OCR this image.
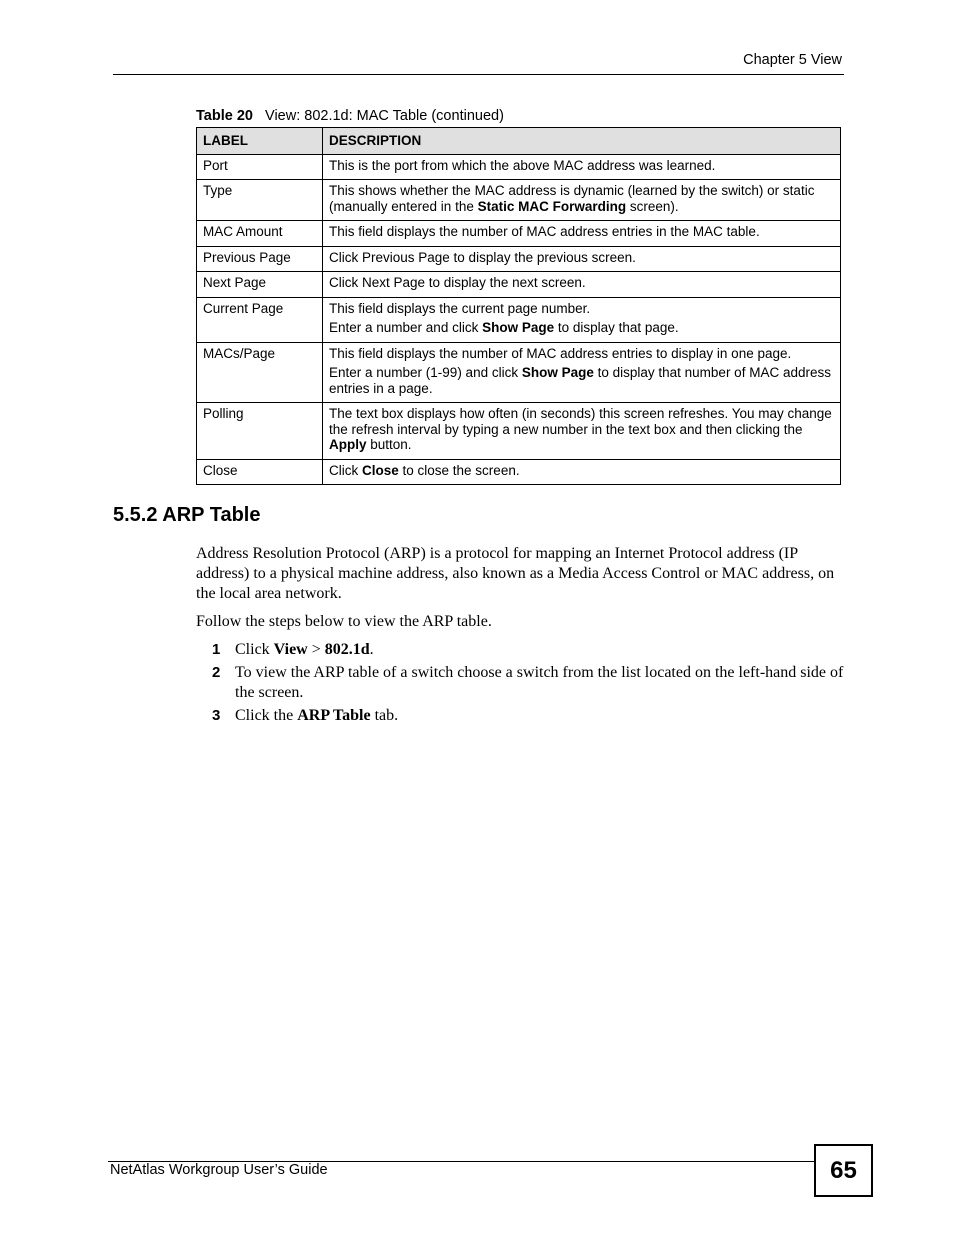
Chapter 5 View
Table 20 View: 802.1d: MAC Table (continued)
LABEL	DESCRIPTION
Port	This is the port from which the above MAC address was learned.

Type	This shows whether the MAC address is dynamic (learned by the switch) or static (manually entered in the Static MAC Forwarding screen).

MAC Amount	This field displays the number of MAC address entries in the MAC table.

Previous Page	Click Previous Page to display the previous screen.

Next Page	Click Next Page to display the next screen.

Current Page	This field displays the current page number.

Enter a number and click Show Page to display that page.

MACs/Page	This field displays the number of MAC address entries to display in one page.

Enter a number (1-99) and click Show Page to display that number of MAC address entries in a page.

Polling	The text box displays how often (in seconds) this screen refreshes. You may change the refresh interval by typing a new number in the text box and then clicking the Apply button.

Close	Click Close to close the screen.

5.5.2 ARP Table
Address Resolution Protocol (ARP) is a protocol for mapping an Internet Protocol address (IP address) to a physical machine address, also known as a Media Access Control or MAC address, on the local area network.
Follow the steps below to view the ARP table.
1 Click View > 802.1d.
2 To view the ARP table of a switch choose a switch from the list located on the left-hand side of the screen.
3 Click the ARP Table tab.
NetAtlas Workgroup User’s Guide	65
